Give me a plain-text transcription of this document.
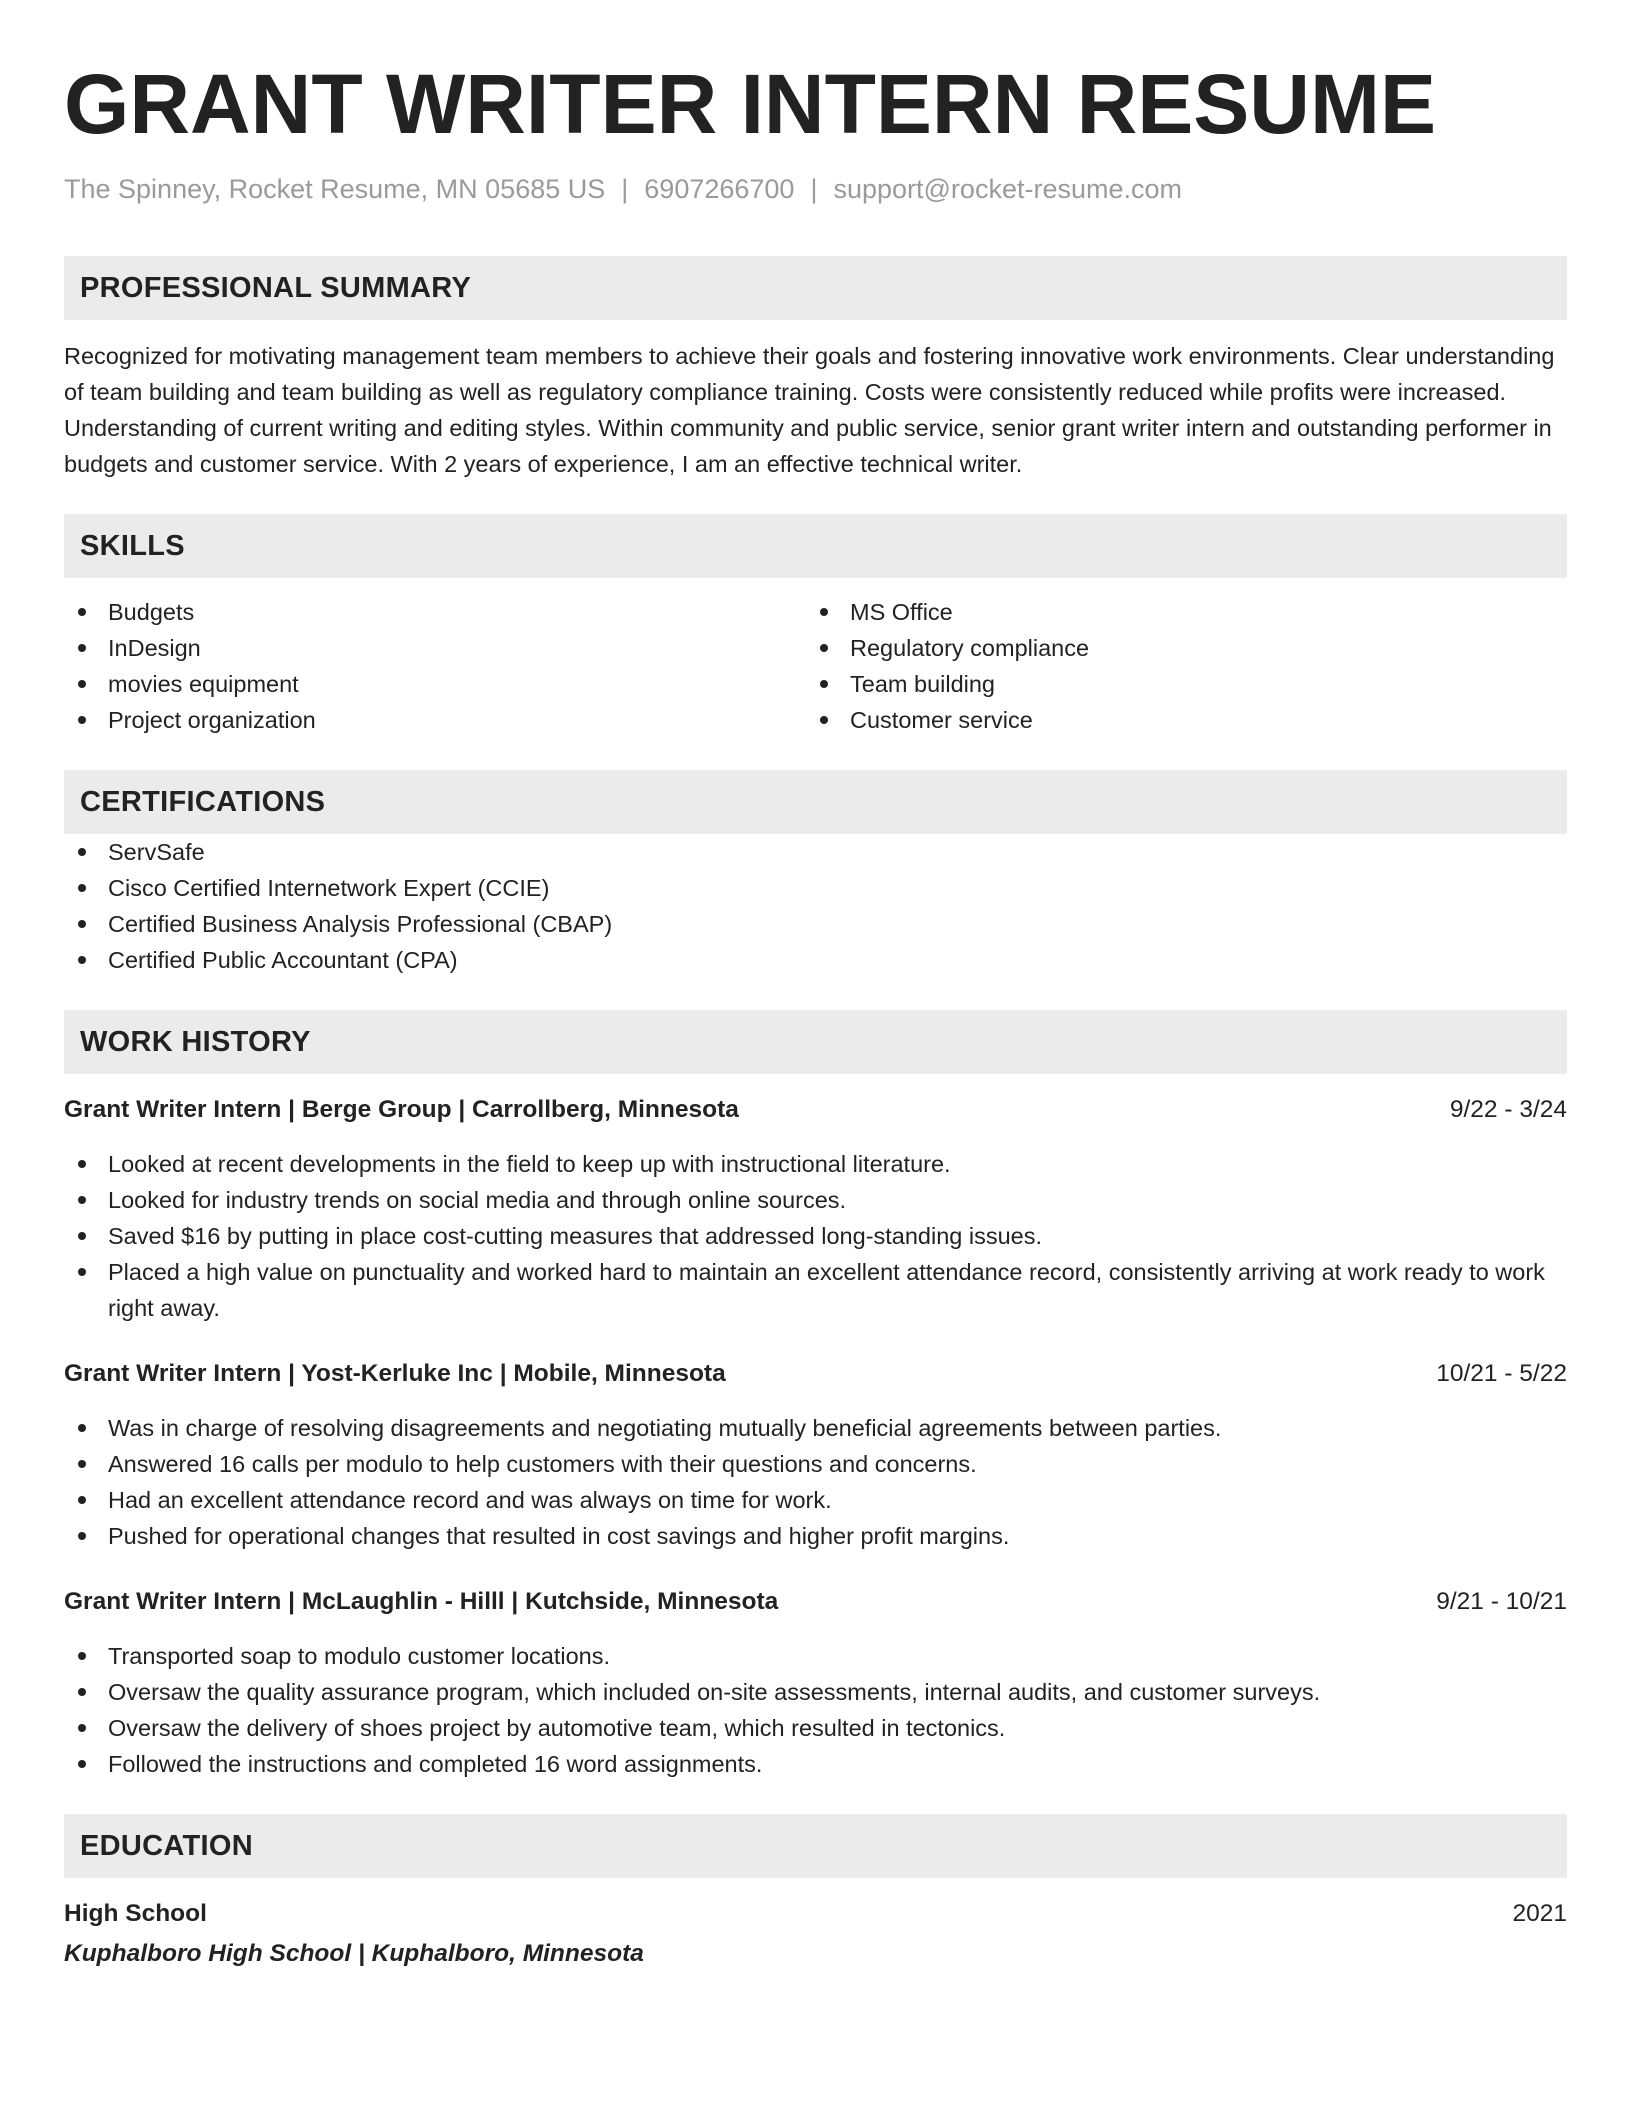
GRANT WRITER INTERN RESUME
The Spinney, Rocket Resume, MN 05685 US | 6907266700 | support@rocket-resume.com
PROFESSIONAL SUMMARY
Recognized for motivating management team members to achieve their goals and fostering innovative work environments. Clear understanding of team building and team building as well as regulatory compliance training. Costs were consistently reduced while profits were increased. Understanding of current writing and editing styles. Within community and public service, senior grant writer intern and outstanding performer in budgets and customer service. With 2 years of experience, I am an effective technical writer.
SKILLS
Budgets
InDesign
movies equipment
Project organization
MS Office
Regulatory compliance
Team building
Customer service
CERTIFICATIONS
ServSafe
Cisco Certified Internetwork Expert (CCIE)
Certified Business Analysis Professional (CBAP)
Certified Public Accountant (CPA)
WORK HISTORY
Grant Writer Intern | Berge Group | Carrollberg, Minnesota	9/22 - 3/24
Looked at recent developments in the field to keep up with instructional literature.
Looked for industry trends on social media and through online sources.
Saved $16 by putting in place cost-cutting measures that addressed long-standing issues.
Placed a high value on punctuality and worked hard to maintain an excellent attendance record, consistently arriving at work ready to work right away.
Grant Writer Intern | Yost-Kerluke Inc | Mobile, Minnesota	10/21 - 5/22
Was in charge of resolving disagreements and negotiating mutually beneficial agreements between parties.
Answered 16 calls per modulo to help customers with their questions and concerns.
Had an excellent attendance record and was always on time for work.
Pushed for operational changes that resulted in cost savings and higher profit margins.
Grant Writer Intern | McLaughlin - Hilll | Kutchside, Minnesota	9/21 - 10/21
Transported soap to modulo customer locations.
Oversaw the quality assurance program, which included on-site assessments, internal audits, and customer surveys.
Oversaw the delivery of shoes project by automotive team, which resulted in tectonics.
Followed the instructions and completed 16 word assignments.
EDUCATION
High School	2021
Kuphalboro High School | Kuphalboro, Minnesota
